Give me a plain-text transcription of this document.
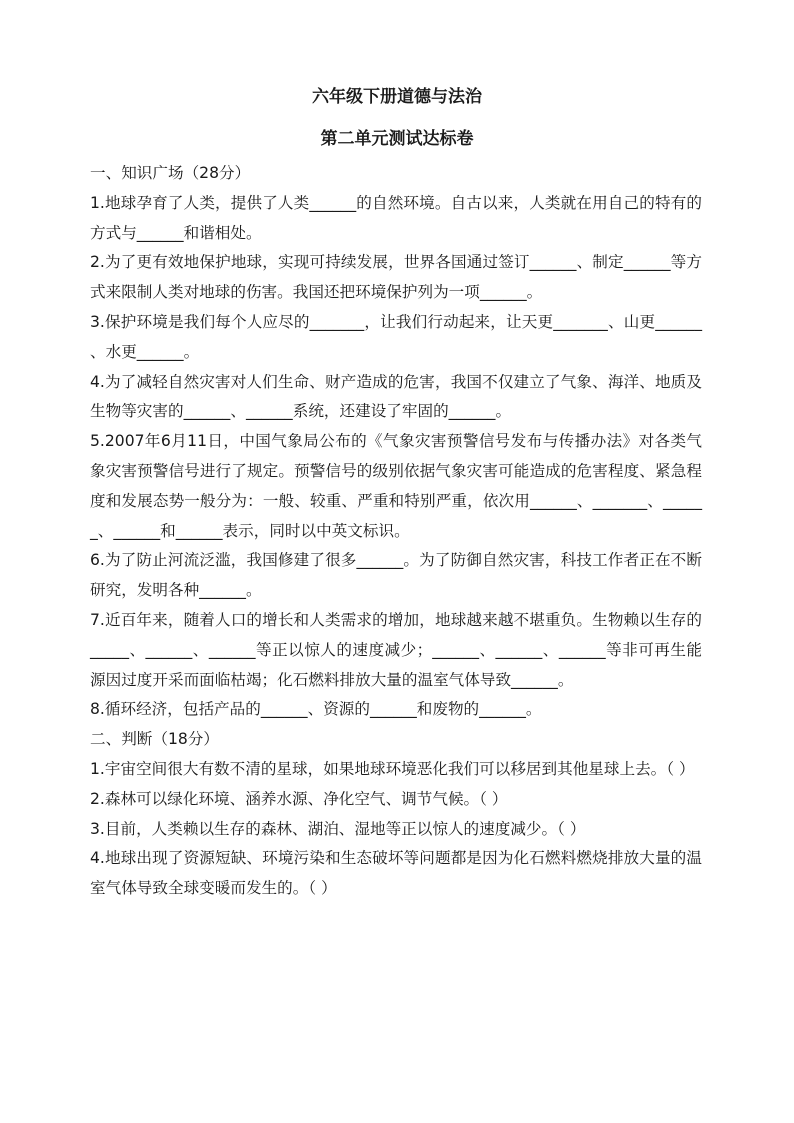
六年级下册道德与法治
第二单元测试达标卷

一、知识广场（28分）

1.地球孕育了人类，提供了人类______的自然环境。自古以来，人类就在用自己的特有的方式与______和谐相处。

2.为了更有效地保护地球，实现可持续发展，世界各国通过签订______、制定______等方式来限制人类对地球的伤害。我国还把环境保护列为一项______。

3.保护环境是我们每个人应尽的_______，让我们行动起来，让天更_______、山更______ 、水更______。

4.为了减轻自然灾害对人们生命、财产造成的危害，我国不仅建立了气象、海洋、地质及生物等灾害的______、______系统，还建设了牢固的______。

5.2007年6月11日，中国气象局公布的《气象灾害预警信号发布与传播办法》对各类气象灾害预警信号进行了规定。预警信号的级别依据气象灾害可能造成的危害程度、紧急程度和发展态势一般分为：一般、较重、严重和特别严重，依次用______、_______、______、______和______表示，同时以中英文标识。

6.为了防止河流泛滥，我国修建了很多______。为了防御自然灾害，科技工作者正在不断研究，发明各种______。

7.近百年来，随着人口的增长和人类需求的增加，地球越来越不堪重负。生物赖以生存的 _____、______、______等正以惊人的速度减少；______、______、______等非可再生能源因过度开采而面临枯竭；化石燃料排放大量的温室气体导致______。

8.循环经济，包括产品的______、资源的______和废物的______。

二、判断（18分）

1.宇宙空间很大有数不清的星球，如果地球环境恶化我们可以移居到其他星球上去。（ ）

2.森林可以绿化环境、涵养水源、净化空气、调节气候。（ ）

3.目前，人类赖以生存的森林、湖泊、湿地等正以惊人的速度减少。（ ）

4.地球出现了资源短缺、环境污染和生态破坏等问题都是因为化石燃料燃烧排放大量的温室气体导致全球变暖而发生的。（ ）
